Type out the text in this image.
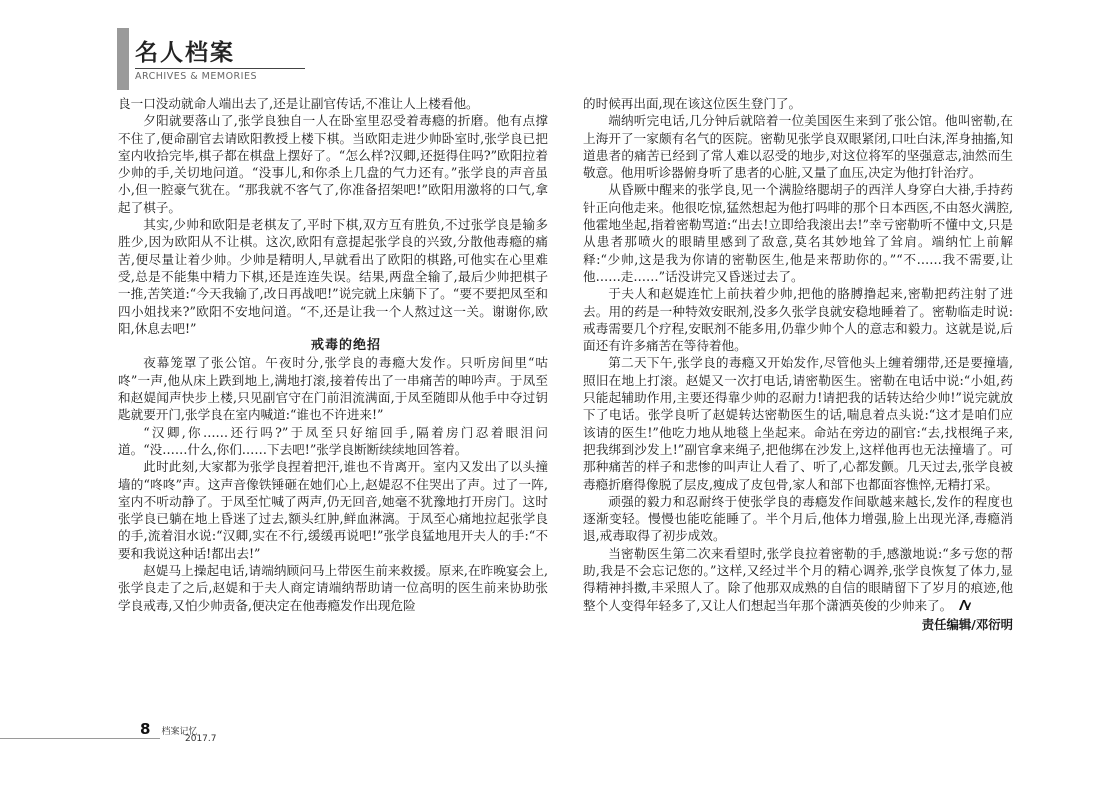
名人档案
ARCHIVES & MEMORIES

良一口没动就命人端出去了,还是让副官传话,不准让人上楼看他。

夕阳就要落山了,张学良独自一人在卧室里忍受着毒瘾的折磨。他有点撑不住了,便命副官去请欧阳教授上楼下棋。当欧阳走进少帅卧室时,张学良已把室内收拾完毕,棋子都在棋盘上摆好了。“怎么样?汉卿,还挺得住吗?”欧阳拉着少帅的手,关切地问道。“没事儿,和你杀上几盘的气力还有。”张学良的声音虽小,但一腔豪气犹在。“那我就不客气了,你准备招架吧!”欧阳用激将的口气,拿起了棋子。

其实,少帅和欧阳是老棋友了,平时下棋,双方互有胜负,不过张学良是输多胜少,因为欧阳从不让棋。这次,欧阳有意提起张学良的兴致,分散他毒瘾的痛苦,便尽量让着少帅。少帅是精明人,早就看出了欧阳的棋路,可他实在心里难受,总是不能集中精力下棋,还是连连失误。结果,两盘全输了,最后少帅把棋子一推,苦笑道:“今天我输了,改日再战吧!”说完就上床躺下了。“要不要把凤至和四小姐找来?”欧阳不安地问道。“不,还是让我一个人熬过这一关。谢谢你,欧阳,休息去吧!”

戒毒的绝招

夜幕笼罩了张公馆。午夜时分,张学良的毒瘾大发作。只听房间里“咕咚”一声,他从床上跌到地上,满地打滚,接着传出了一串痛苦的呻吟声。于凤至和赵媞闻声快步上楼,只见副官守在门前泪流满面,于凤至随即从他手中夺过钥匙就要开门,张学良在室内喊道:“谁也不许进来!”

“汉卿,你……还行吗?”于凤至只好缩回手,隔着房门忍着眼泪问道。“没……什么,你们……下去吧!”张学良断断续续地回答着。

此时此刻,大家都为张学良捏着把汗,谁也不肯离开。室内又发出了以头撞墙的“咚咚”声。这声音像铁锤砸在她们心上,赵媞忍不住哭出了声。过了一阵,室内不听动静了。于凤至忙喊了两声,仍无回音,她毫不犹豫地打开房门。这时张学良已躺在地上昏迷了过去,额头红肿,鲜血淋漓。于凤至心痛地拉起张学良的手,流着泪水说:“汉卿,实在不行,缓缓再说吧!”张学良猛地甩开夫人的手:“不要和我说这种话!都出去!”

赵媞马上操起电话,请端纳顾问马上带医生前来救援。原来,在昨晚宴会上,张学良走了之后,赵媞和于夫人商定请端纳帮助请一位高明的医生前来协助张学良戒毒,又怕少帅责备,便决定在他毒瘾发作出现危险

的时候再出面,现在该这位医生登门了。

端纳听完电话,几分钟后就陪着一位美国医生来到了张公馆。他叫密勒,在上海开了一家颇有名气的医院。密勒见张学良双眼紧闭,口吐白沫,浑身抽搐,知道患者的痛苦已经到了常人难以忍受的地步,对这位将军的坚强意志,油然而生敬意。他用听诊器俯身听了患者的心脏,又量了血压,决定为他打针治疗。

从昏厥中醒来的张学良,见一个满脸络腮胡子的西洋人身穿白大褂,手持药针正向他走来。他很吃惊,猛然想起为他打吗啡的那个日本西医,不由怒火满腔,他霍地坐起,指着密勒骂道:“出去!立即给我滚出去!”幸亏密勒听不懂中文,只是从患者那喷火的眼睛里感到了敌意,莫名其妙地耸了耸肩。端纳忙上前解释:“少帅,这是我为你请的密勒医生,他是来帮助你的。”“不……我不需要,让他……走……”话没讲完又昏迷过去了。

于夫人和赵媞连忙上前扶着少帅,把他的胳膊撸起来,密勒把药注射了进去。用的药是一种特效安眠剂,没多久张学良就安稳地睡着了。密勒临走时说:戒毒需要几个疗程,安眠剂不能多用,仍靠少帅个人的意志和毅力。这就是说,后面还有许多痛苦在等待着他。

第二天下午,张学良的毒瘾又开始发作,尽管他头上缠着绷带,还是要撞墙,照旧在地上打滚。赵媞又一次打电话,请密勒医生。密勒在电话中说:“小姐,药只能起辅助作用,主要还得靠少帅的忍耐力!请把我的话转达给少帅!”说完就放下了电话。张学良听了赵媞转达密勒医生的话,喘息着点头说:“这才是咱们应该请的医生!”他吃力地从地毯上坐起来。命站在旁边的副官:“去,找根绳子来,把我绑到沙发上!”副官拿来绳子,把他绑在沙发上,这样他再也无法撞墙了。可那种痛苦的样子和悲惨的叫声让人看了、听了,心都发颤。几天过去,张学良被毒瘾折磨得像脱了层皮,瘦成了皮包骨,家人和部下也都面容憔悴,无精打采。

顽强的毅力和忍耐终于使张学良的毒瘾发作间歇越来越长,发作的程度也逐渐变轻。慢慢也能吃能睡了。半个月后,他体力增强,脸上出现光泽,毒瘾消退,戒毒取得了初步成效。

当密勒医生第二次来看望时,张学良拉着密勒的手,感激地说:“多亏您的帮助,我是不会忘记您的。”这样,又经过半个月的精心调养,张学良恢复了体力,显得精神抖擞,丰采照人了。除了他那双成熟的自信的眼睛留下了岁月的痕迹,他整个人变得年轻多了,又让人们想起当年那个潇洒英俊的少帅来了。

责任编辑/邓衍明
8 档案记忆
2017.7
